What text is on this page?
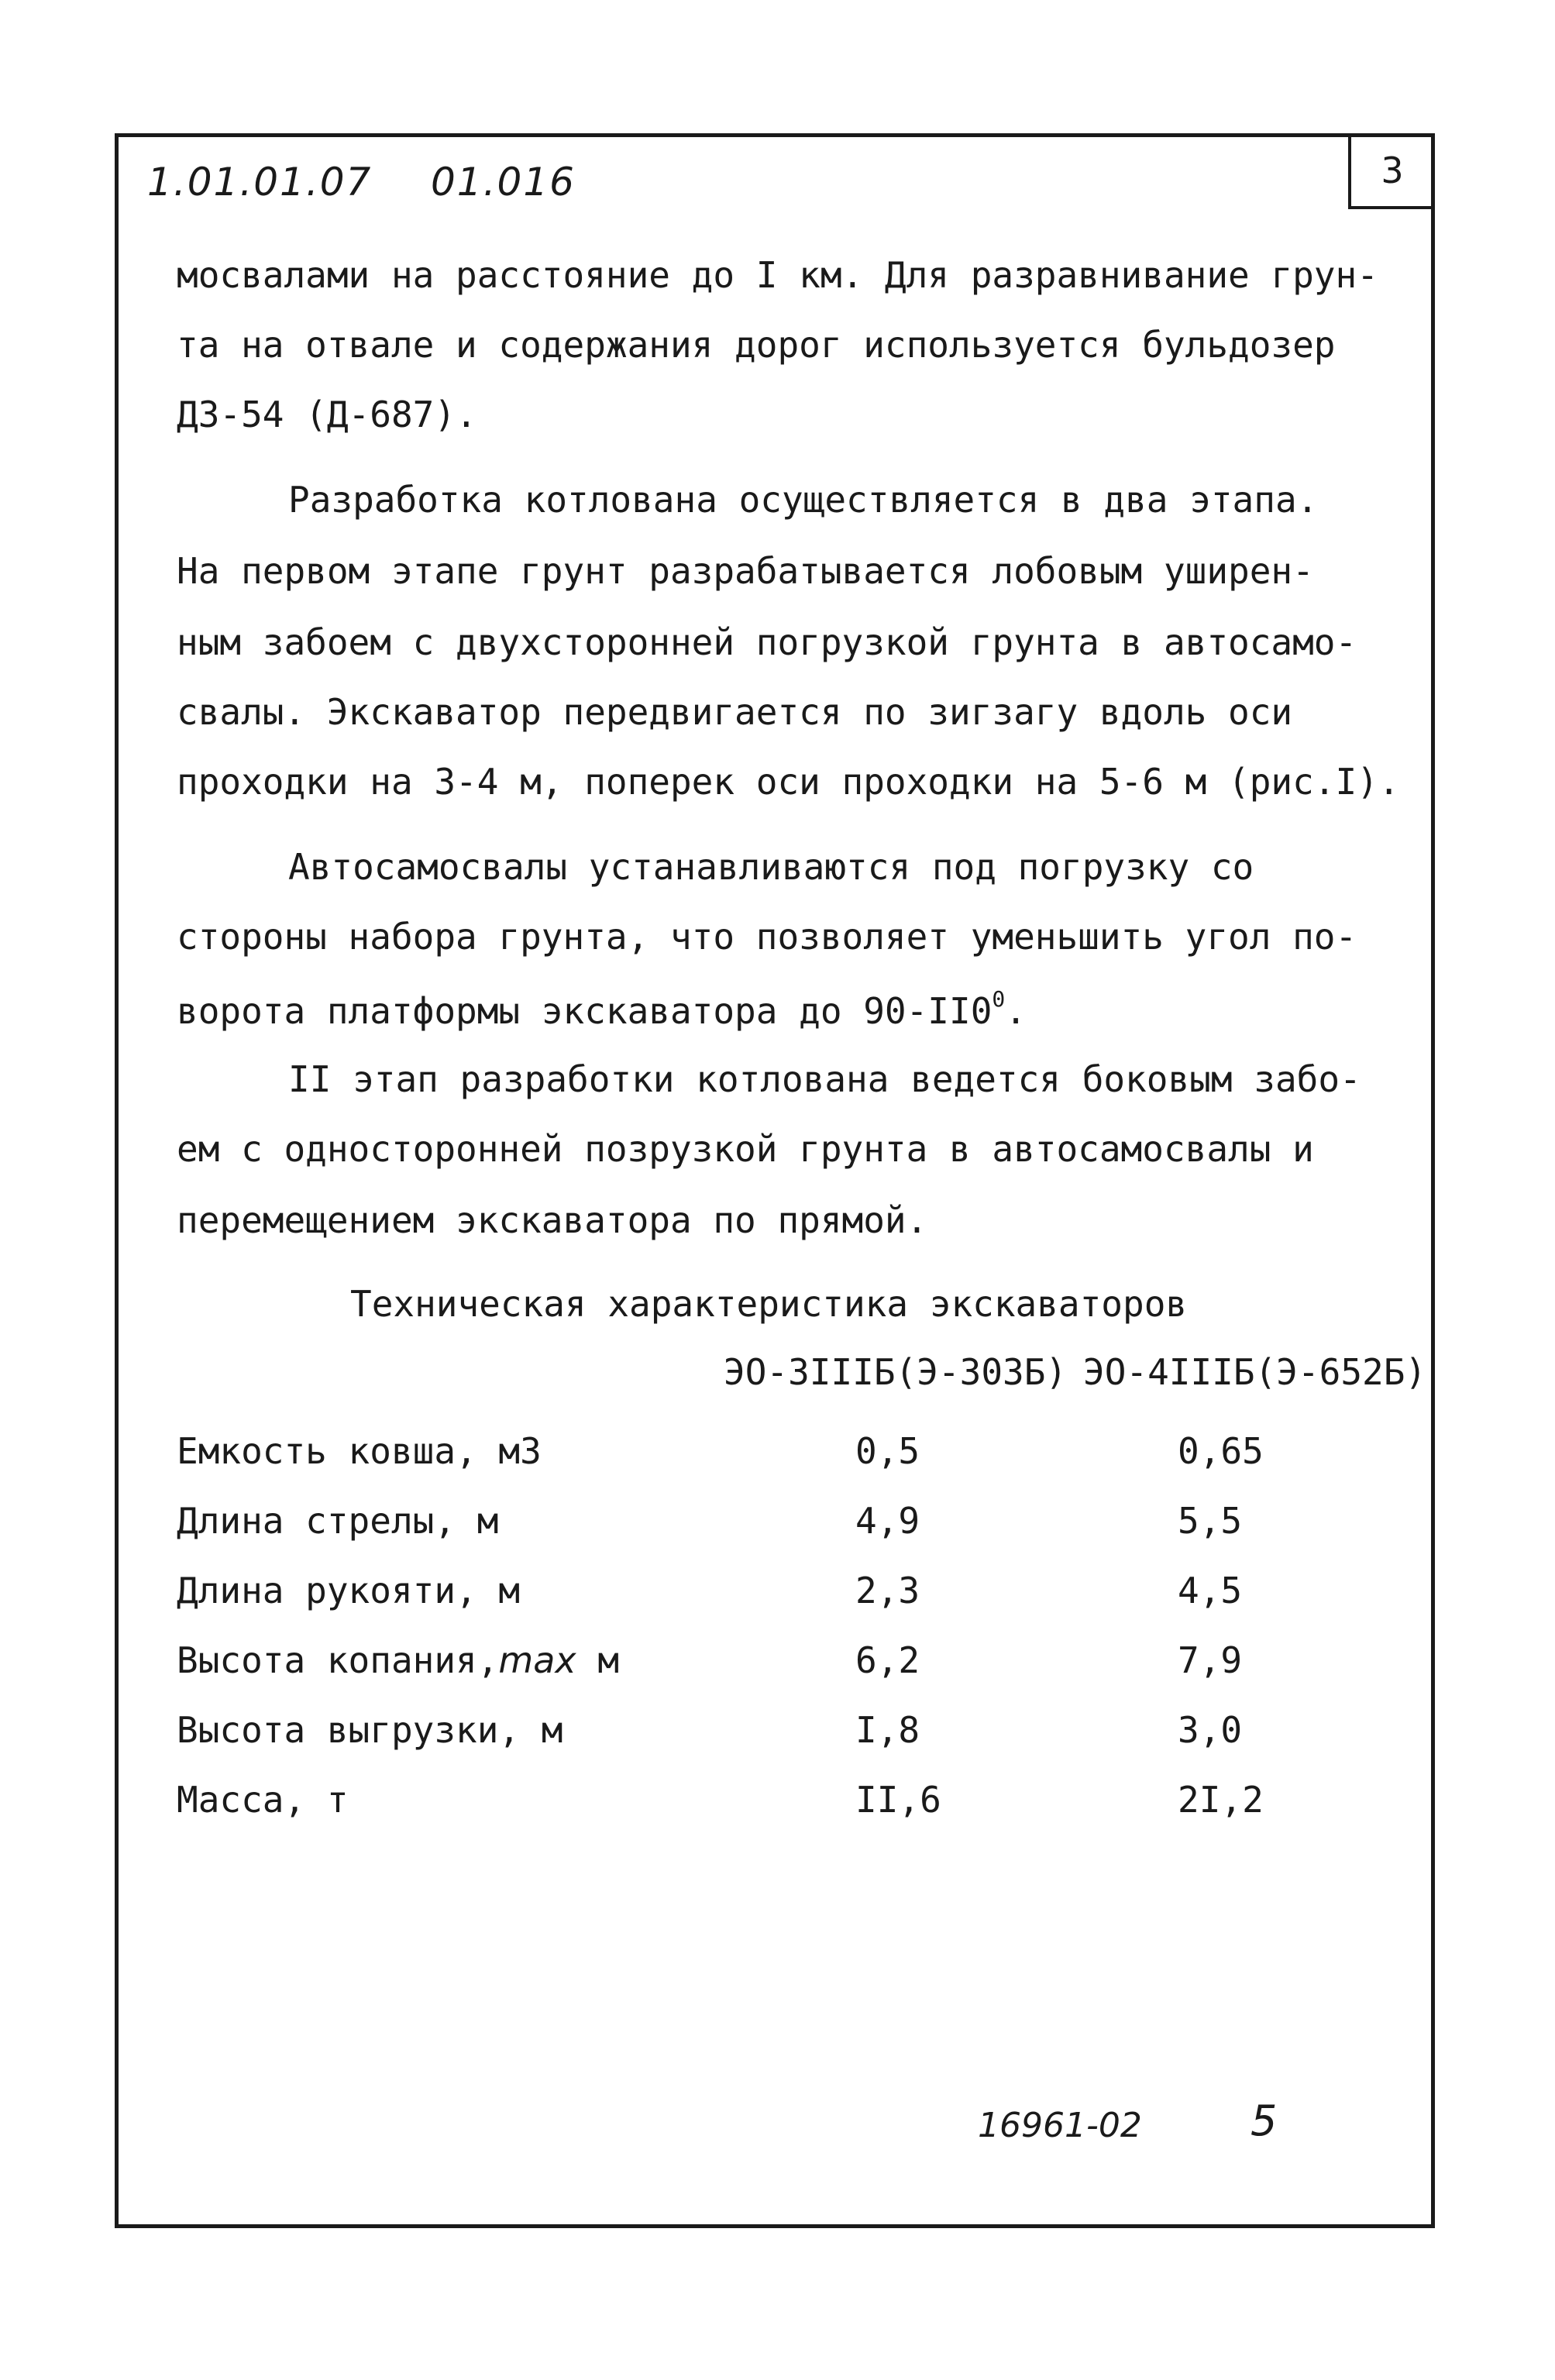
1.01.01.07 01.016	3
мосвалами на расстояние до I км. Для разравнивание грун-
та на отвале и содержания дорог используется бульдозер
ДЗ-54 (Д-687).
Разработка котлована осуществляется в два этапа.
На первом этапе грунт разрабатывается лобовым уширен-
ным забоем с двухсторонней погрузкой грунта в автосамо-
свалы. Экскаватор передвигается по зигзагу вдоль оси
проходки на 3-4 м, поперек оси проходки на 5-6 м (рис.I).
Автосамосвалы устанавливаются под погрузку со
стороны набора грунта, что позволяет уменьшить угол по-
ворота платформы экскаватора до $90-II0^0$.
II этап разработки котлована ведется боковым забо-
ем с односторонней позрузкой грунта в автосамосвалы и
перемещением экскаватора по прямой.
Техническая характеристика экскаваторов
ЭО-3IIIБ(Э-303Б) ЭО-4IIIБ(Э-652Б)
Емкость ковша, м3	0,5	0,65
Длина стрелы, м	4,9	5,5
Длина рукояти, м	2,3	4,5
Высота копания,max м	6,2	7,9
Высота выгрузки, м	I,8	3,0
Масса, т	II,6	2I,2
16961-02	5
